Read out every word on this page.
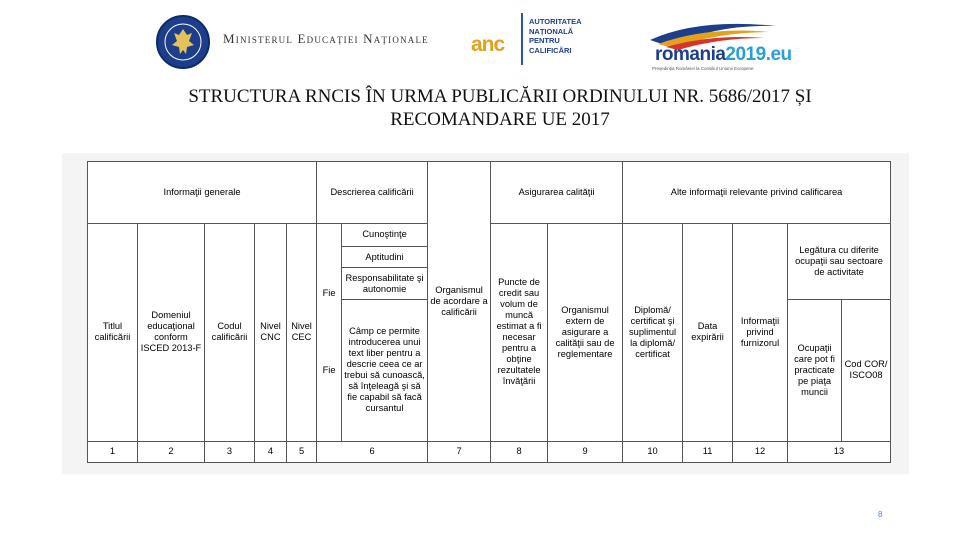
Ministerul Educației Naționale anc
AUTORITATEA
NAȚIONALĂ
PENTRU
CALIFICĂRI	romania2019.eu
Președinția României la Consiliul Uniunii Europene
STRUCTURA RNCIS ÎN URMA PUBLICĂRII ORDINULUI NR. 5686/2017 ȘI
RECOMANDARE UE 2017
Informaţii generale					Descrierea calificării		Organismul de acordare a calificării	Asigurarea calităţii		Alte informaţii relevante privind calificarea				
Titlul calificării	Domeniul educaţional conform ISCED 2013-F	Codul calificării	Nivel CNC	Nivel CEC	Fie	Cunoştinţe		Puncte de credit sau volum de muncă estimat a fi necesar pentru a obţine rezultatele învăţării	Organismul extern de asigurare a calităţii sau de reglementare	Diplomă/ certificat şi suplimentul la diplomă/ certificat	Data expirării	Informaţii privind furnizorul	Legătura cu diferite ocupaţii sau sectoare de activitate	
						Aptitudini								
						Responsabilitate şi autonomie								
					Fie	Câmp ce permite introducerea unui text liber pentru a descrie ceea ce ar trebui să cunoască, să înţeleagă şi să fie capabil să facă cursantul							Ocupaţii care pot fi practicate pe piaţa muncii	Cod COR/ ISCO08
1	2	3	4	5	6		7	8	9	10	11	12	13	
8
